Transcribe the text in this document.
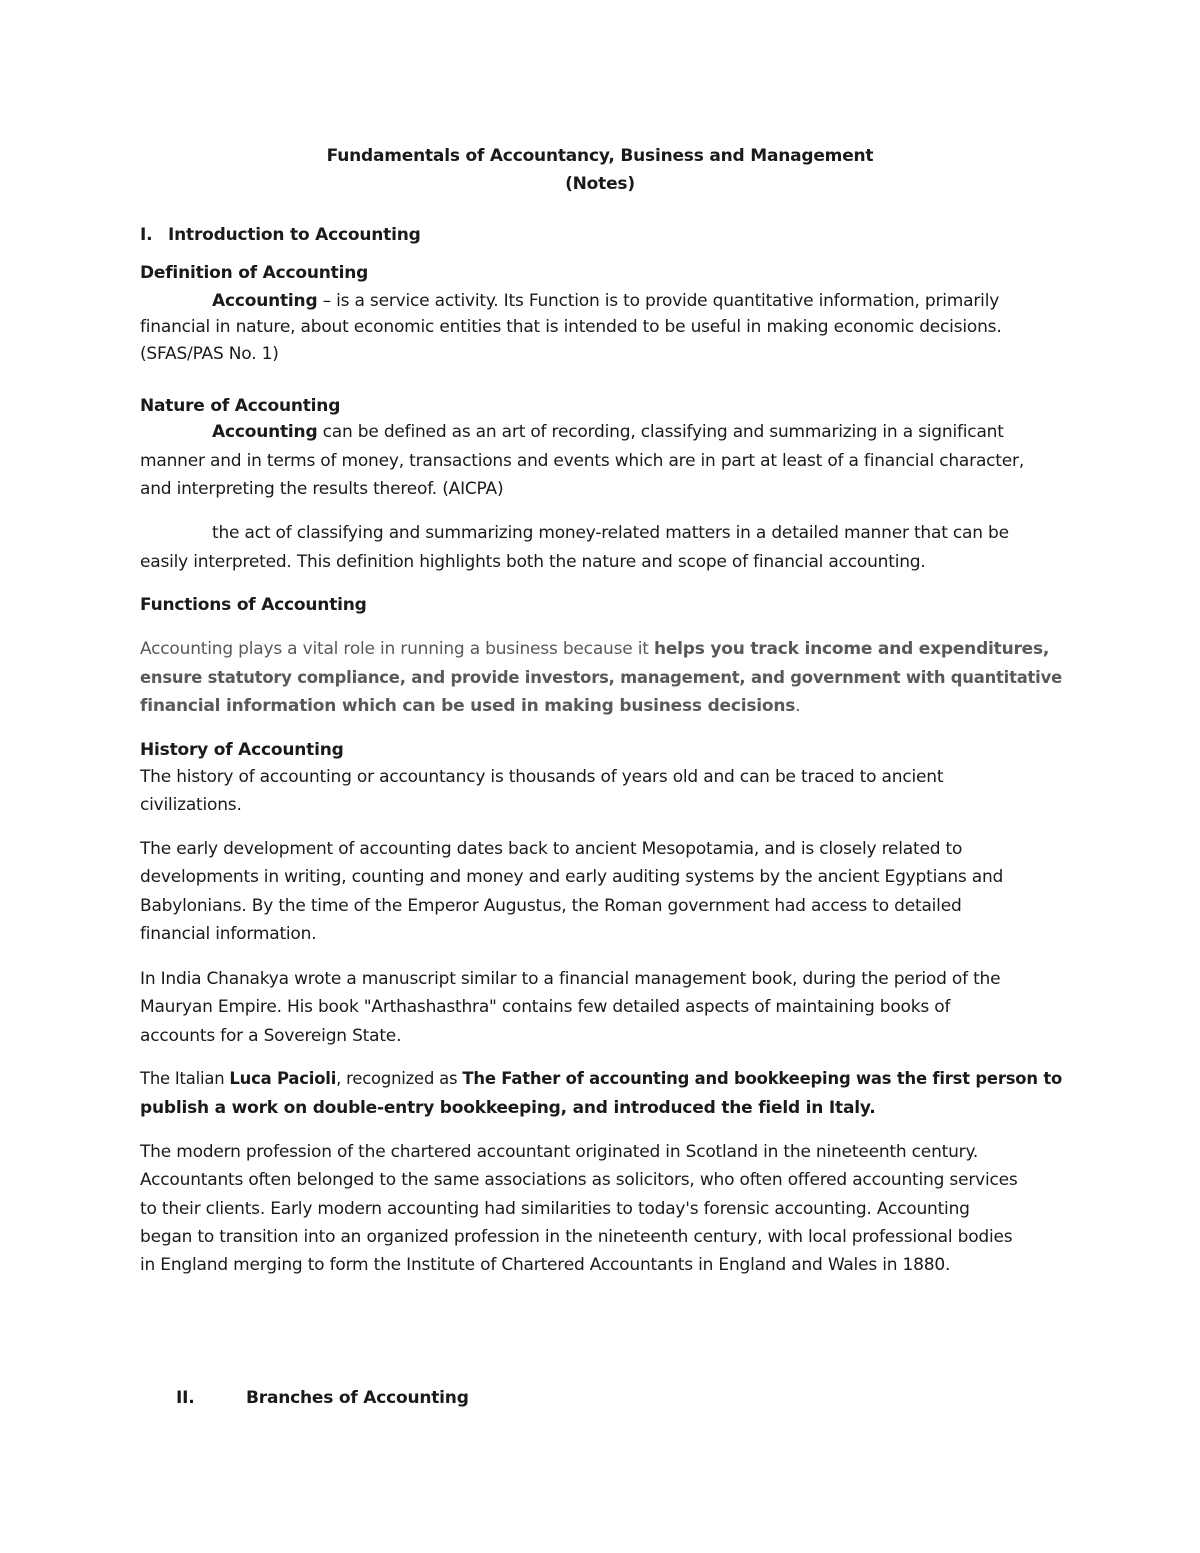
Fundamentals of Accountancy, Business and Management
(Notes)
I. Introduction to Accounting
Definition of Accounting
Accounting – is a service activity. Its Function is to provide quantitative information, primarily
financial in nature, about economic entities that is intended to be useful in making economic decisions.
(SFAS/PAS No. 1)
Nature of Accounting
Accounting can be defined as an art of recording, classifying and summarizing in a significant
manner and in terms of money, transactions and events which are in part at least of a financial character,
and interpreting the results thereof. (AICPA)
the act of classifying and summarizing money-related matters in a detailed manner that can be
easily interpreted. This definition highlights both the nature and scope of financial accounting.
Functions of Accounting
Accounting plays a vital role in running a business because it helps you track income and expenditures,
ensure statutory compliance, and provide investors, management, and government with quantitative
financial information which can be used in making business decisions.
History of Accounting
The history of accounting or accountancy is thousands of years old and can be traced to ancient
civilizations.
The early development of accounting dates back to ancient Mesopotamia, and is closely related to
developments in writing, counting and money and early auditing systems by the ancient Egyptians and
Babylonians. By the time of the Emperor Augustus, the Roman government had access to detailed
financial information.
In India Chanakya wrote a manuscript similar to a financial management book, during the period of the
Mauryan Empire. His book "Arthashasthra" contains few detailed aspects of maintaining books of
accounts for a Sovereign State.
The Italian Luca Pacioli, recognized as The Father of accounting and bookkeeping was the first person to
publish a work on double-entry bookkeeping, and introduced the field in Italy.
The modern profession of the chartered accountant originated in Scotland in the nineteenth century.
Accountants often belonged to the same associations as solicitors, who often offered accounting services
to their clients. Early modern accounting had similarities to today's forensic accounting. Accounting
began to transition into an organized profession in the nineteenth century, with local professional bodies
in England merging to form the Institute of Chartered Accountants in England and Wales in 1880.
II.	Branches of Accounting
